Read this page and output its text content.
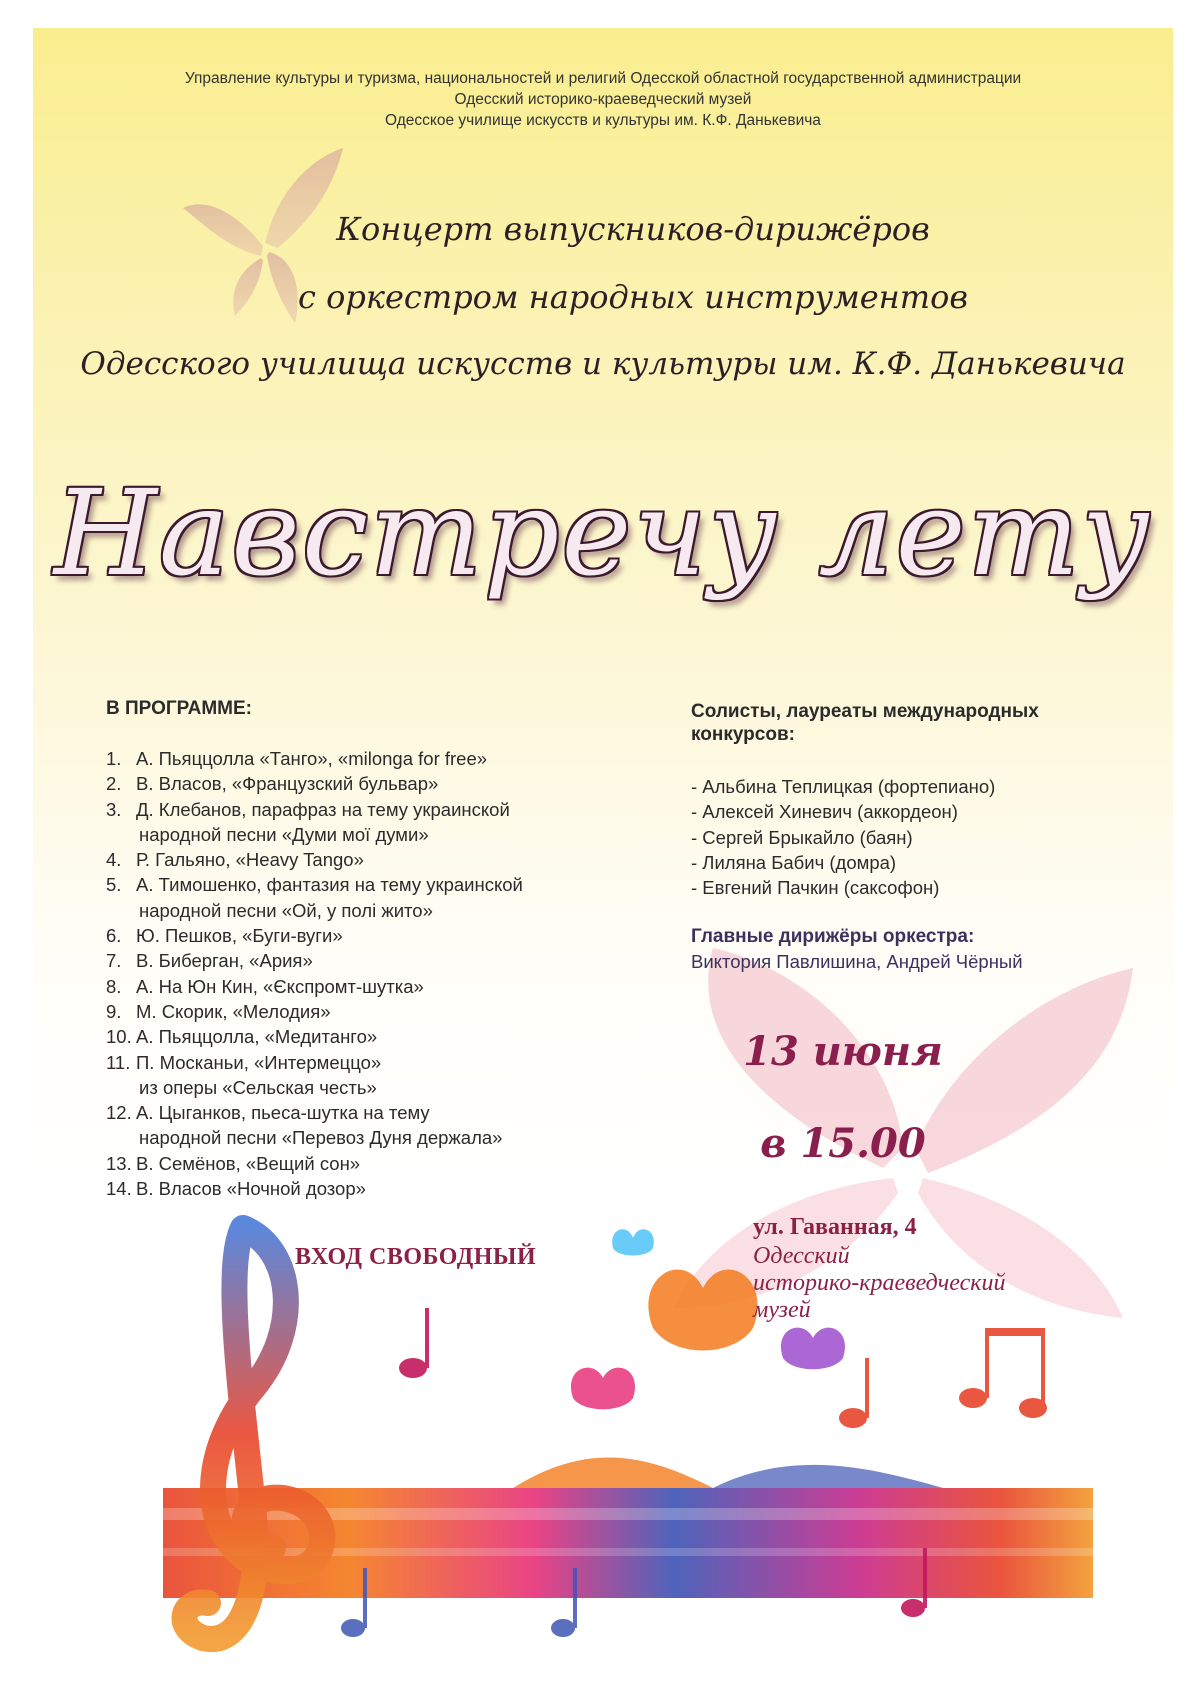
Управление культуры и туризма, национальностей и религий Одесской областной государственной администрации
Одесский историко-краеведческий музей
Одесское училище искусств и культуры им. К.Ф. Данькевича
Концерт выпускников-дирижёров
с оркестром народных инструментов
Одесского училища искусств и культуры им. К.Ф. Данькевича
Навстречу лету
В ПРОГРАММЕ:
1. А. Пьяццолла «Танго», «milonga for free»
2. В. Власов, «Французский бульвар»
3. Д. Клебанов, парафраз на тему украинской
народной песни «Думи мої думи»
4. Р. Гальяно, «Heavy Tango»
5. А. Тимошенко, фантазия на тему украинской
народной песни «Ой, у полі жито»
6. Ю. Пешков, «Буги-вуги»
7. В. Биберган, «Ария»
8. А. На Юн Кин, «Єкспромт-шутка»
9. М. Скорик, «Мелодия»
10. А. Пьяццолла, «Медитанго»
11. П. Москаньи, «Интермеццо»
из оперы «Сельская честь»
12. А. Цыганков, пьеса-шутка на тему
народной песни «Перевоз Дуня держала»
13. В. Семёнов, «Вещий сон»
14. В. Власов «Ночной дозор»
Солисты, лауреаты международных
конкурсов:
- Альбина Теплицкая (фортепиано)
- Алексей Хиневич (аккордеон)
- Сергей Брыкайло (баян)
- Лиляна Бабич (домра)
- Евгений Пачкин (саксофон)
Главные дирижёры оркестра:
Виктория Павлишина, Андрей Чёрный
13 июня
в 15.00
ВХОД СВОБОДНЫЙ
ул. Гаванная, 4
Одесский
историко-краеведческий
музей
